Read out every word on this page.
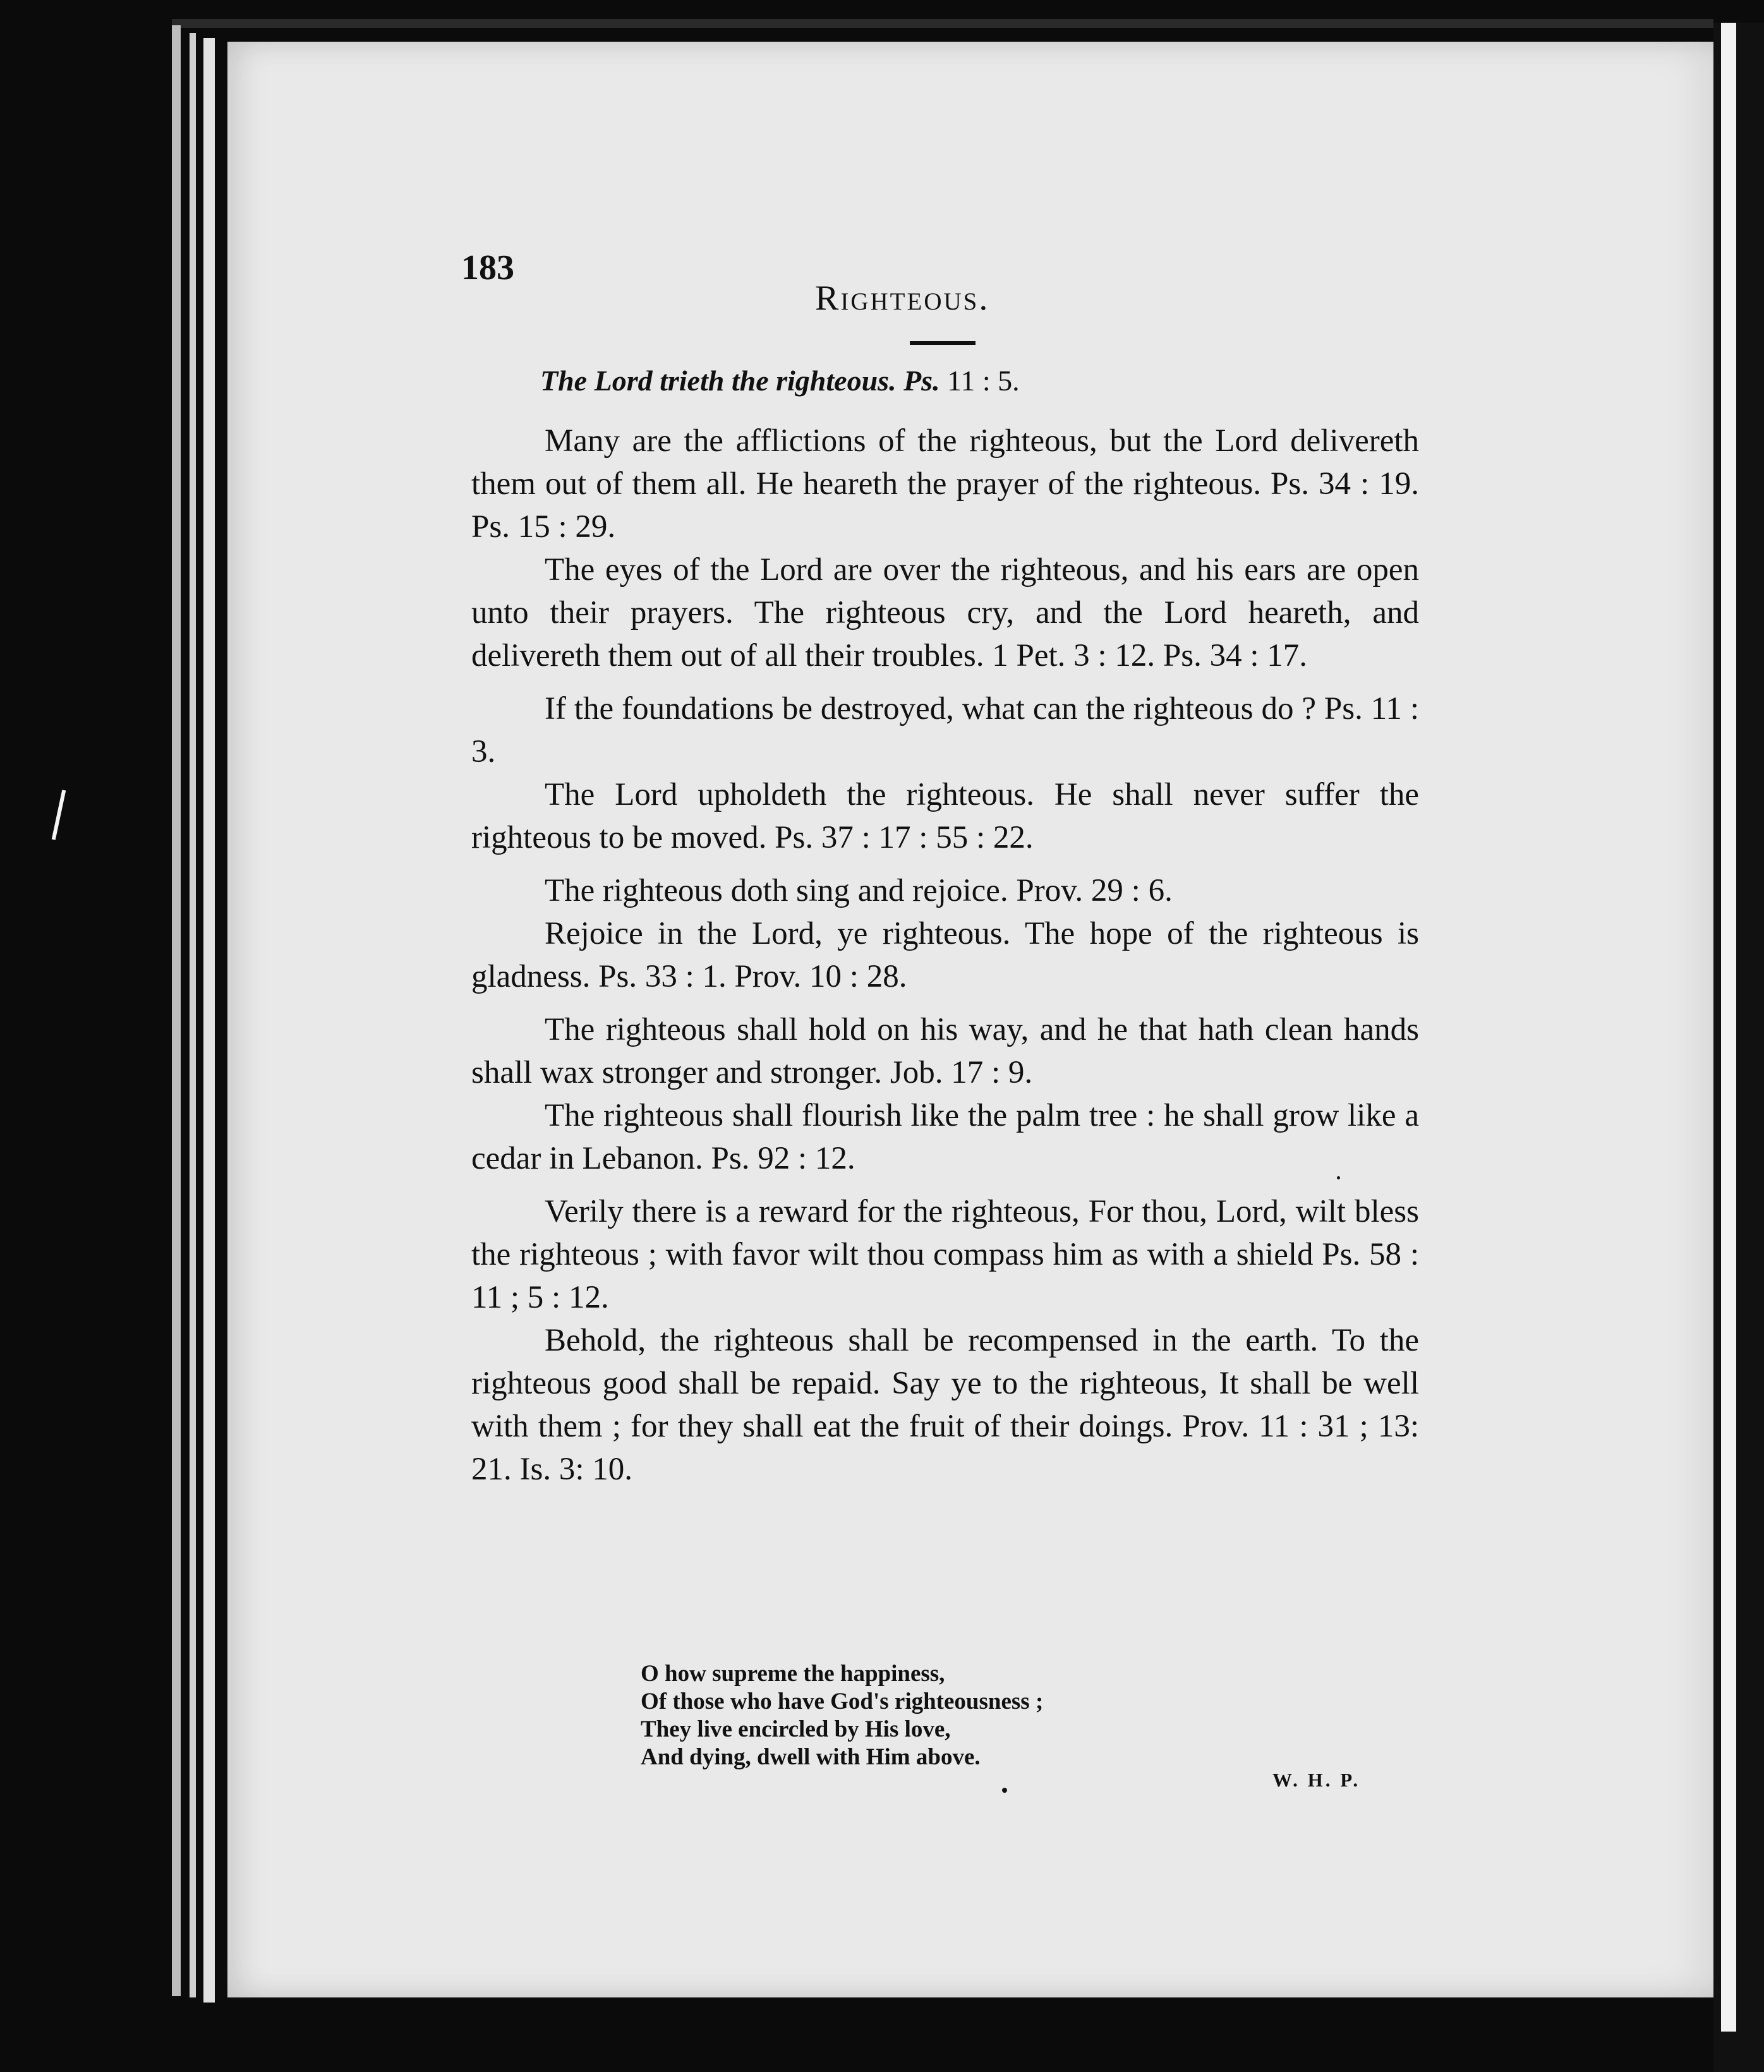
183
Righteous.
The Lord trieth the righteous. Ps. 11 : 5.

Many are the afflictions of the righteous, but the Lord delivereth them out of them all. He heareth the prayer of the righteous. Ps. 34 : 19. Ps. 15 : 29.

The eyes of the Lord are over the righteous, and his ears are open unto their prayers. The righteous cry, and the Lord heareth, and delivereth them out of all their troubles. 1 Pet. 3 : 12. Ps. 34 : 17.

If the foundations be destroyed, what can the righteous do ? Ps. 11 : 3.

The Lord upholdeth the righteous. He shall never suffer the righteous to be moved. Ps. 37 : 17 : 55 : 22.

The righteous doth sing and rejoice. Prov. 29 : 6.

Rejoice in the Lord, ye righteous. The hope of the righteous is gladness. Ps. 33 : 1. Prov. 10 : 28.

The righteous shall hold on his way, and he that hath clean hands shall wax stronger and stronger. Job. 17 : 9.

The righteous shall flourish like the palm tree : he shall grow like a cedar in Lebanon. Ps. 92 : 12.

Verily there is a reward for the righteous, For thou, Lord, wilt bless the righteous ; with favor wilt thou compass him as with a shield Ps. 58 : 11 ; 5 : 12.

Behold, the righteous shall be recompensed in the earth. To the righteous good shall be repaid. Say ye to the righteous, It shall be well with them ; for they shall eat the fruit of their doings. Prov. 11 : 31 ; 13: 21. Is. 3: 10.

O how supreme the happiness,
Of those who have God's righteousness ;
They live encircled by His love,
And dying, dwell with Him above.
W. H. P.
